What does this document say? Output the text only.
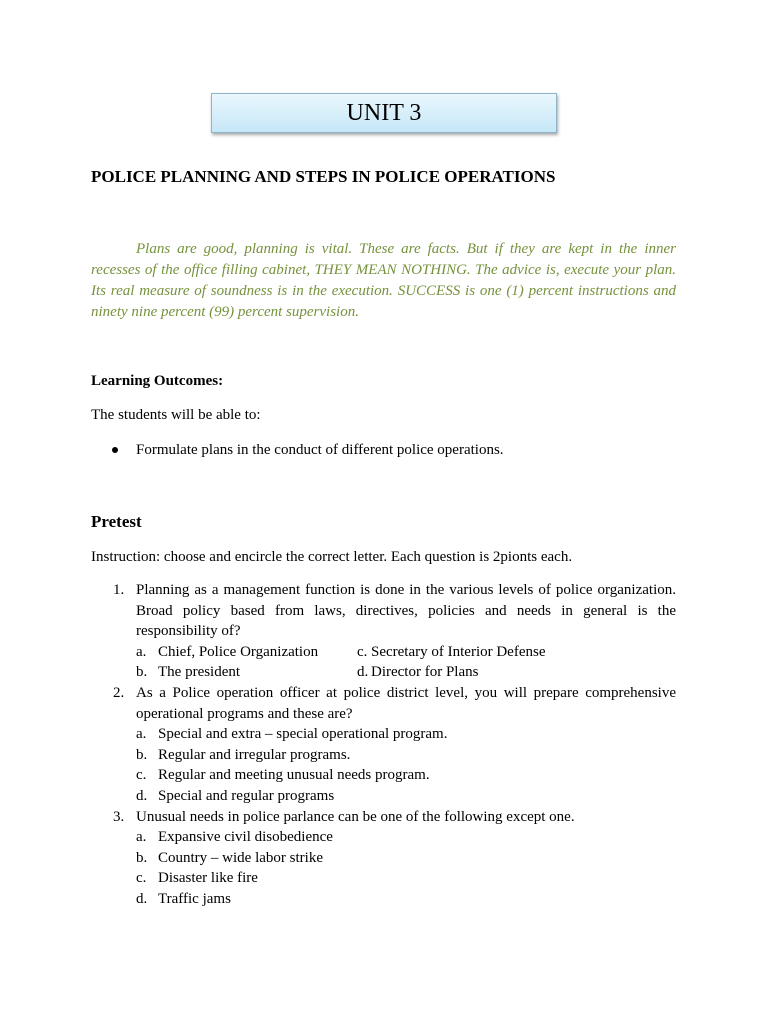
UNIT 3
POLICE PLANNING AND STEPS IN POLICE OPERATIONS
Plans are good, planning is vital. These are facts. But if they are kept in the inner
recesses of the office filling cabinet, THEY MEAN NOTHING. The advice is, execute your plan.
Its real measure of soundness is in the execution. SUCCESS is one (1) percent instructions and
ninety nine percent (99) percent supervision.
Learning Outcomes:
The students will be able to:
Formulate plans in the conduct of different police operations.
Pretest
Instruction: choose and encircle the correct letter. Each question is 2pionts each.
1. Planning as a management function is done in the various levels of police organization.
Broad policy based from laws, directives, policies and needs in general is the
responsibility of?
a. Chief, Police Organization	c. Secretary of Interior Defense
b. The president	d. Director for Plans
2. As a Police operation officer at police district level, you will prepare comprehensive
operational programs and these are?
a. Special and extra – special operational program.
b. Regular and irregular programs.
c. Regular and meeting unusual needs program.
d. Special and regular programs
3. Unusual needs in police parlance can be one of the following except one.
a. Expansive civil disobedience
b. Country – wide labor strike
c. Disaster like fire
d. Traffic jams
